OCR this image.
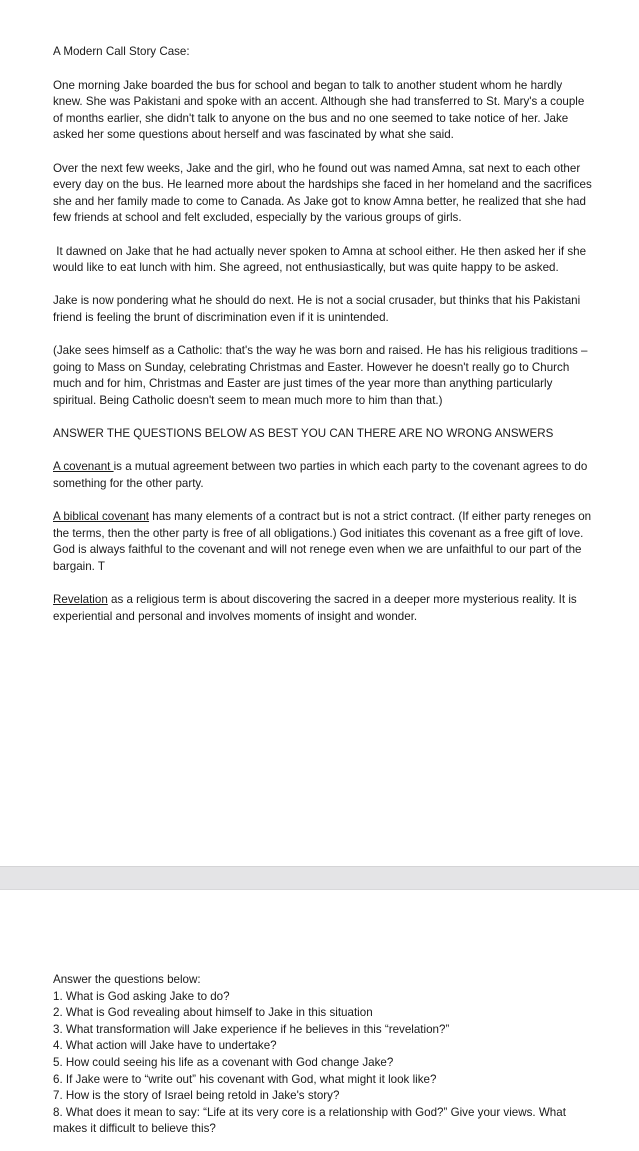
A Modern Call Story Case:

One morning Jake boarded the bus for school and began to talk to another student whom he hardly knew. She was Pakistani and spoke with an accent. Although she had transferred to St. Mary's a couple of months earlier, she didn't talk to anyone on the bus and no one seemed to take notice of her. Jake asked her some questions about herself and was fascinated by what she said.

Over the next few weeks, Jake and the girl, who he found out was named Amna, sat next to each other every day on the bus. He learned more about the hardships she faced in her homeland and the sacrifices she and her family made to come to Canada. As Jake got to know Amna better, he realized that she had few friends at school and felt excluded, especially by the various groups of girls.

It dawned on Jake that he had actually never spoken to Amna at school either. He then asked her if she would like to eat lunch with him. She agreed, not enthusiastically, but was quite happy to be asked.

Jake is now pondering what he should do next. He is not a social crusader, but thinks that his Pakistani friend is feeling the brunt of discrimination even if it is unintended.

(Jake sees himself as a Catholic: that's the way he was born and raised. He has his religious traditions – going to Mass on Sunday, celebrating Christmas and Easter. However he doesn't really go to Church much and for him, Christmas and Easter are just times of the year more than anything particularly spiritual. Being Catholic doesn't seem to mean much more to him than that.)

ANSWER THE QUESTIONS BELOW AS BEST YOU CAN THERE ARE NO WRONG ANSWERS

A covenant is a mutual agreement between two parties in which each party to the covenant agrees to do something for the other party.

A biblical covenant has many elements of a contract but is not a strict contract. (If either party reneges on the terms, then the other party is free of all obligations.) God initiates this covenant as a free gift of love. God is always faithful to the covenant and will not renege even when we are unfaithful to our part of the bargain. T

Revelation as a religious term is about discovering the sacred in a deeper more mysterious reality. It is experiential and personal and involves moments of insight and wonder.

Answer the questions below:

1. What is God asking Jake to do?
2. What is God revealing about himself to Jake in this situation
3. What transformation will Jake experience if he believes in this “revelation?”
4. What action will Jake have to undertake?
5. How could seeing his life as a covenant with God change Jake?
6. If Jake were to “write out” his covenant with God, what might it look like?
7. How is the story of Israel being retold in Jake's story?
8. What does it mean to say: “Life at its very core is a relationship with God?” Give your views. What makes it difficult to believe this?
